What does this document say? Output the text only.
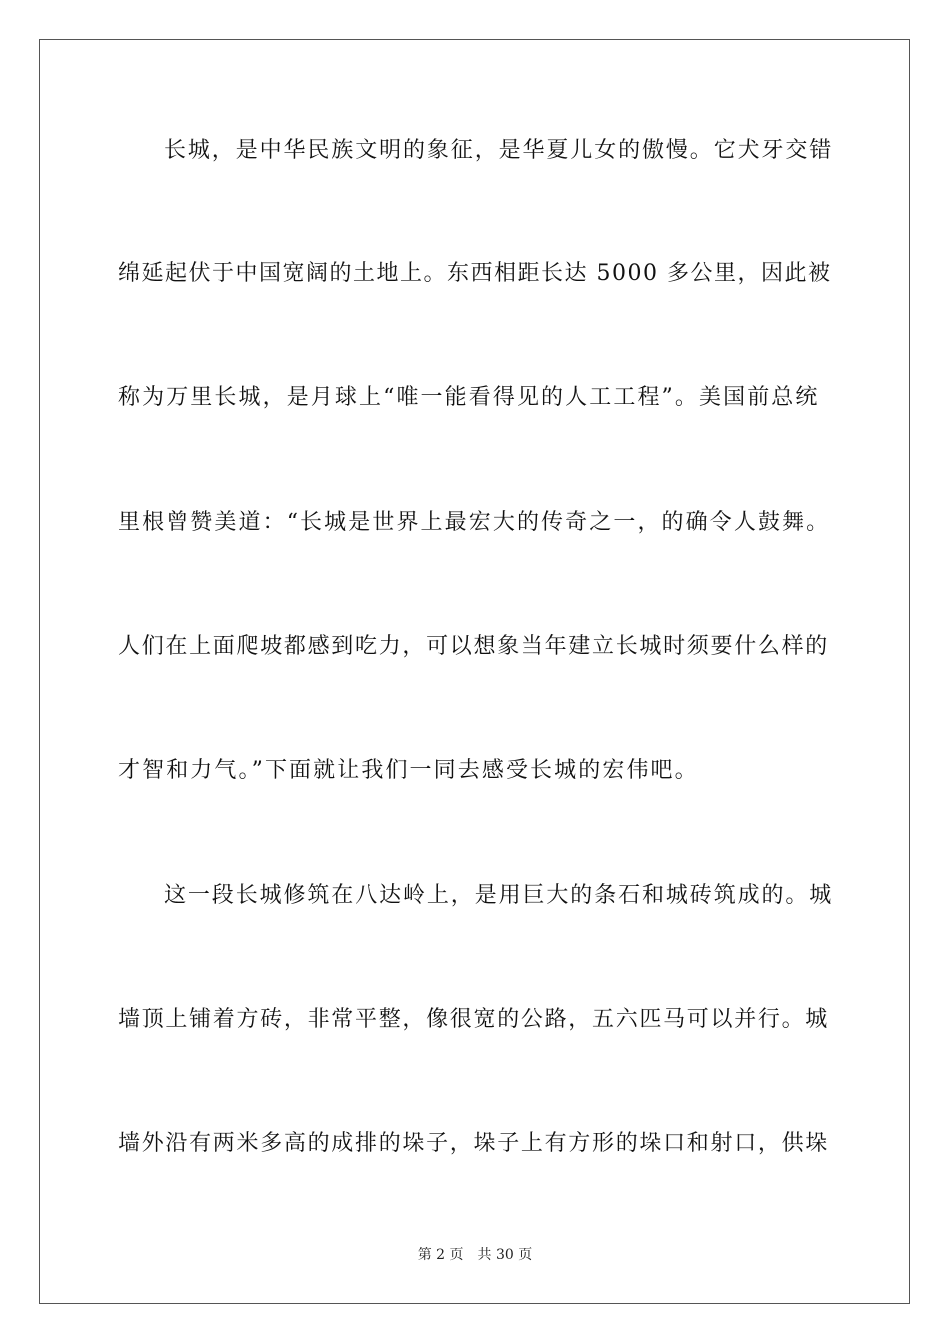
长城，是中华民族文明的象征，是华夏儿女的傲慢。它犬牙交错
绵延起伏于中国宽阔的土地上。东西相距长达 5000 多公里，因此被
称为万里长城，是月球上“唯一能看得见的人工工程”。美国前总统
里根曾赞美道：“长城是世界上最宏大的传奇之一，的确令人鼓舞。
人们在上面爬坡都感到吃力，可以想象当年建立长城时须要什么样的
才智和力气。”下面就让我们一同去感受长城的宏伟吧。
这一段长城修筑在八达岭上，是用巨大的条石和城砖筑成的。城
墙顶上铺着方砖，非常平整，像很宽的公路，五六匹马可以并行。城
墙外沿有两米多高的成排的垛子，垛子上有方形的垛口和射口，供垛
第 2 页 共 30 页
